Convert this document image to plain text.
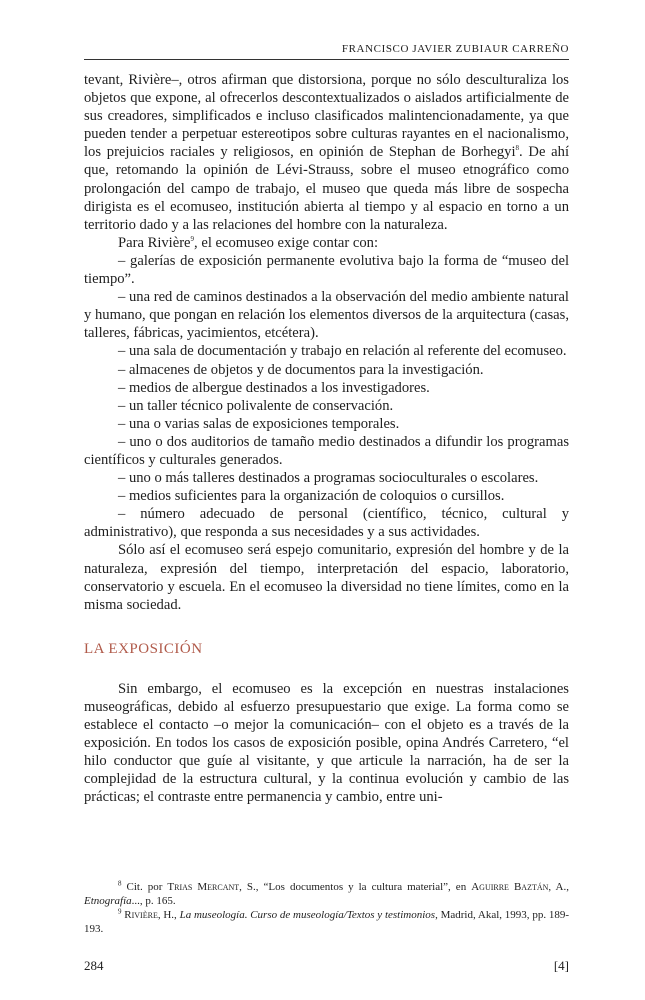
FRANCISCO JAVIER ZUBIAUR CARREÑO

tevant, Rivière–, otros afirman que distorsiona, porque no sólo desculturaliza los objetos que expone, al ofrecerlos descontextualizados o aislados artificialmente de sus creadores, simplificados e incluso clasificados malintencionadamente, ya que pueden tender a perpetuar estereotipos sobre culturas rayantes en el nacionalismo, los prejuicios raciales y religiosos, en opinión de Stephan de Borhegyi$^8$. De ahí que, retomando la opinión de Lévi-Strauss, sobre el museo etnográfico como prolongación del campo de trabajo, el museo que queda más libre de sospecha dirigista es el ecomuseo, institución abierta al tiempo y al espacio en torno a un territorio dado y a las relaciones del hombre con la naturaleza.

Para Rivière$^9$, el ecomuseo exige contar con:

– galerías de exposición permanente evolutiva bajo la forma de “museo del tiempo”.

– una red de caminos destinados a la observación del medio ambiente natural y humano, que pongan en relación los elementos diversos de la arquitectura (casas, talleres, fábricas, yacimientos, etcétera).

– una sala de documentación y trabajo en relación al referente del ecomuseo.

– almacenes de objetos y de documentos para la investigación.

– medios de albergue destinados a los investigadores.

– un taller técnico polivalente de conservación.

– una o varias salas de exposiciones temporales.

– uno o dos auditorios de tamaño medio destinados a difundir los programas científicos y culturales generados.

– uno o más talleres destinados a programas socioculturales o escolares.

– medios suficientes para la organización de coloquios o cursillos.

– número adecuado de personal (científico, técnico, cultural y administrativo), que responda a sus necesidades y a sus actividades.

Sólo así el ecomuseo será espejo comunitario, expresión del hombre y de la naturaleza, expresión del tiempo, interpretación del espacio, laboratorio, conservatorio y escuela. En el ecomuseo la diversidad no tiene límites, como en la misma sociedad.

LA EXPOSICIÓN

Sin embargo, el ecomuseo es la excepción en nuestras instalaciones museográficas, debido al esfuerzo presupuestario que exige. La forma como se establece el contacto –o mejor la comunicación– con el objeto es a través de la exposición. En todos los casos de exposición posible, opina Andrés Carretero, “el hilo conductor que guíe al visitante, y que articule la narración, ha de ser la complejidad de la estructura cultural, y la continua evolución y cambio de las prácticas; el contraste entre permanencia y cambio, entre uni-

$^8$ Cit. por Trias Mercant, S., “Los documentos y la cultura material”, en Aguirre Baztán, A., Etnografía..., p. 165.

$^9$ Rivière, H., La museología. Curso de museología/Textos y testimonios, Madrid, Akal, 1993, pp. 189-193.

284	[4]
